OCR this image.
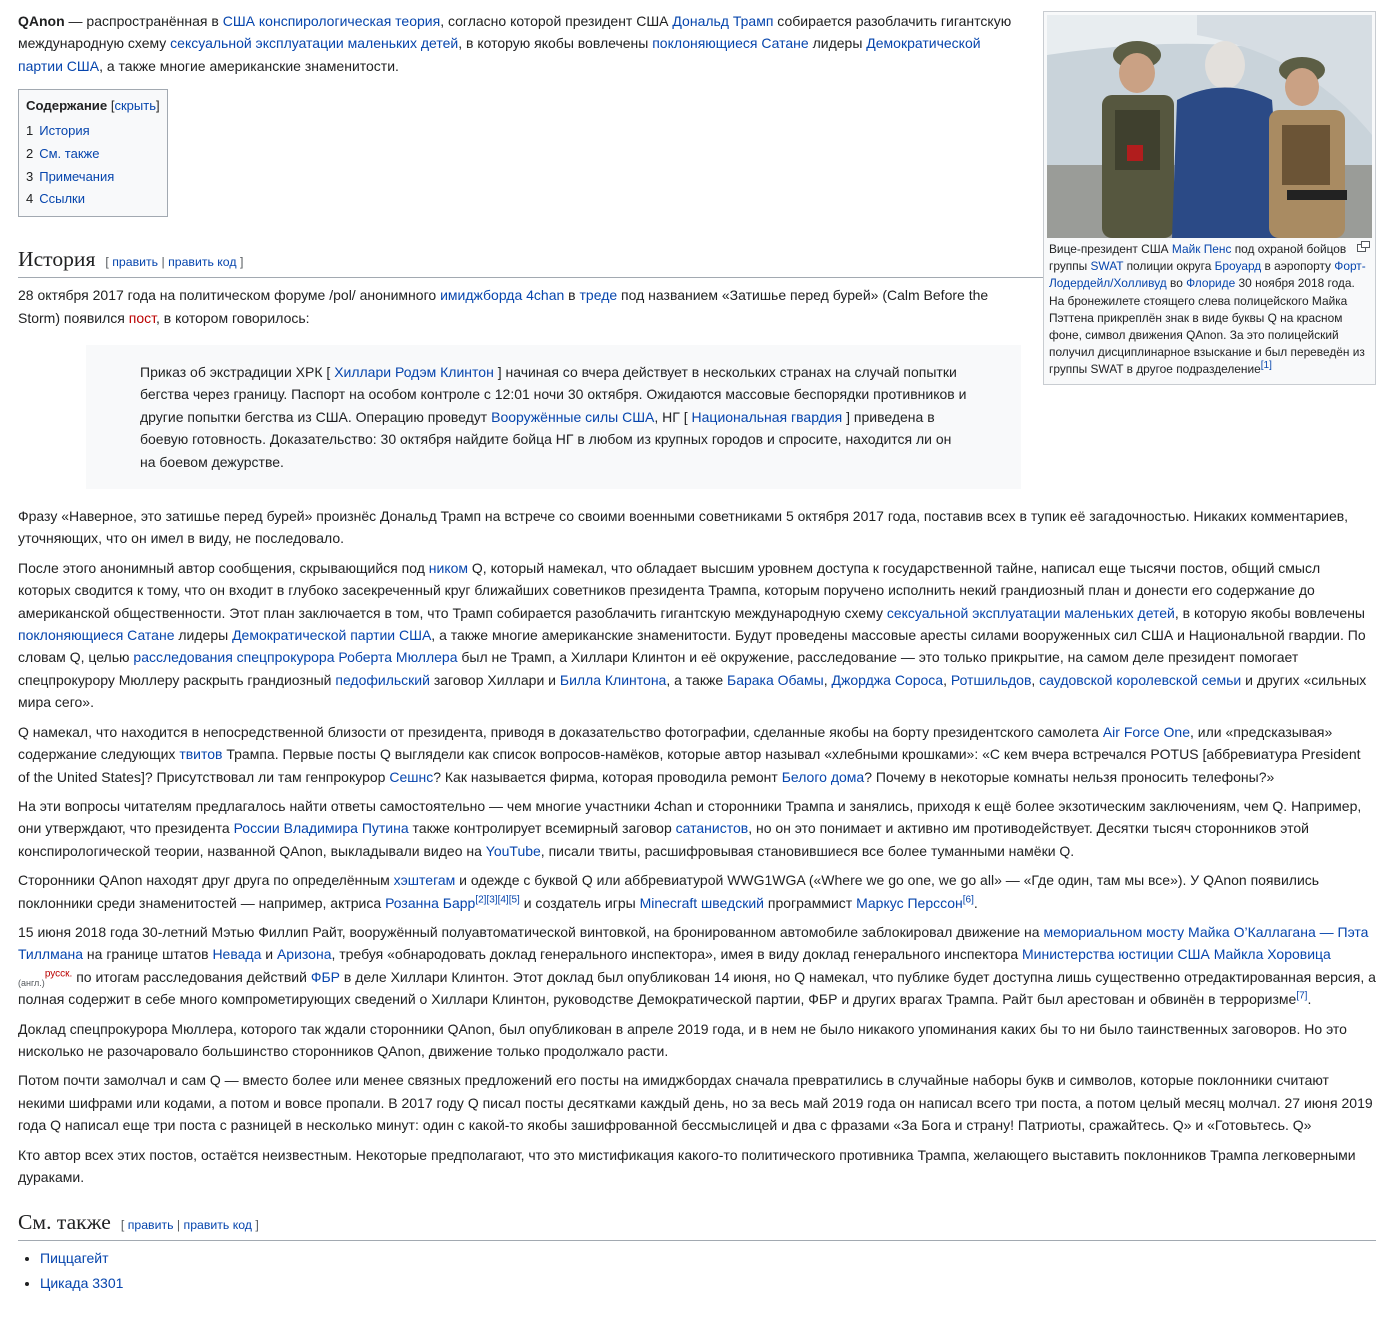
Вице-президент США Майк Пенс под охраной бойцов группы SWAT полиции округа Броуард в аэропорту Форт-Лодердейл/Холливуд во Флориде 30 ноября 2018 года. На бронежилете стоящего слева полицейского Майка Пэттена прикреплён знак в виде буквы Q на красном фоне, символ движения QAnon. За это полицейский получил дисциплинарное взыскание и был переведён из группы SWAT в другое подразделение[1]

QAnon — распространённая в США конспирологическая теория, согласно которой президент США Дональд Трамп собирается разоблачить гигантскую международную схему сексуальной эксплуатации маленьких детей, в которую якобы вовлечены поклоняющиеся Сатане лидеры Демократической партии США, а также многие американские знаменитости.

Содержание [скрыть]
1 История
2 См. также
3 Примечания
4 Ссылки
История [ править | править код ]

28 октября 2017 года на политическом форуме /pol/ анонимного имиджборда 4chan в треде под названием «Затишье перед бурей» (Calm Before the Storm) появился пост, в котором говорилось:

Приказ об экстрадиции ХРК [ Хиллари Родэм Клинтон ] начиная со вчера действует в нескольких странах на случай попытки бегства через границу. Паспорт на особом контроле с 12:01 ночи 30 октября. Ожидаются массовые беспорядки противников и другие попытки бегства из США. Операцию проведут Вооружённые силы США, НГ [ Национальная гвардия ] приведена в боевую готовность. Доказательство: 30 октября найдите бойца НГ в любом из крупных городов и спросите, находится ли он на боевом дежурстве.

Фразу «Наверное, это затишье перед бурей» произнёс Дональд Трамп на встрече со своими военными советниками 5 октября 2017 года, поставив всех в тупик её загадочностью. Никаких комментариев, уточняющих, что он имел в виду, не последовало.

После этого анонимный автор сообщения, скрывающийся под ником Q, который намекал, что обладает высшим уровнем доступа к государственной тайне, написал еще тысячи постов, общий смысл которых сводится к тому, что он входит в глубоко засекреченный круг ближайших советников президента Трампа, которым поручено исполнить некий грандиозный план и донести его содержание до американской общественности. Этот план заключается в том, что Трамп собирается разоблачить гигантскую международную схему сексуальной эксплуатации маленьких детей, в которую якобы вовлечены поклоняющиеся Сатане лидеры Демократической партии США, а также многие американские знаменитости. Будут проведены массовые аресты силами вооруженных сил США и Национальной гвардии. По словам Q, целью расследования спецпрокурора Роберта Мюллера был не Трамп, а Хиллари Клинтон и её окружение, расследование — это только прикрытие, на самом деле президент помогает спецпрокурору Мюллеру раскрыть грандиозный педофильский заговор Хиллари и Билла Клинтона, а также Барака Обамы, Джорджа Сороса, Ротшильдов, саудовской королевской семьи и других «сильных мира сего».

Q намекал, что находится в непосредственной близости от президента, приводя в доказательство фотографии, сделанные якобы на борту президентского самолета Air Force One, или «предсказывая» содержание следующих твитов Трампа. Первые посты Q выглядели как список вопросов-намёков, которые автор называл «хлебными крошками»: «С кем вчера встречался POTUS [аббревиатура President of the United States]? Присутствовал ли там генпрокурор Сешнс? Как называется фирма, которая проводила ремонт Белого дома? Почему в некоторые комнаты нельзя проносить телефоны?»

На эти вопросы читателям предлагалось найти ответы самостоятельно — чем многие участники 4chan и сторонники Трампа и занялись, приходя к ещё более экзотическим заключениям, чем Q. Например, они утверждают, что президента России Владимира Путина также контролирует всемирный заговор сатанистов, но он это понимает и активно им противодействует. Десятки тысяч сторонников этой конспирологической теории, названной QAnon, выкладывали видео на YouTube, писали твиты, расшифровывая становившиеся все более туманными намёки Q.

Сторонники QAnon находят друг друга по определённым хэштегам и одежде с буквой Q или аббревиатурой WWG1WGA («Where we go one, we go all» — «Где один, там мы все»). У QAnon появились поклонники среди знаменитостей — например, актриса Розанна Барр[2][3][4][5] и создатель игры Minecraft шведский программист Маркус Перссон[6].

15 июня 2018 года 30-летний Мэтью Филлип Райт, вооружённый полуавтоматической винтовкой, на бронированном автомобиле заблокировал движение на мемориальном мосту Майка О’Каллагана — Пэта Тиллмана на границе штатов Невада и Аризона, требуя «обнародовать доклад генерального инспектора», имея в виду доклад генерального инспектора Министерства юстиции США Майкла Хоровица $_{(англ.)}^{русск.}$ по итогам расследования действий ФБР в деле Хиллари Клинтон. Этот доклад был опубликован 14 июня, но Q намекал, что публике будет доступна лишь существенно отредактированная версия, а полная содержит в себе много компрометирующих сведений о Хиллари Клинтон, руководстве Демократической партии, ФБР и других врагах Трампа. Райт был арестован и обвинён в терроризме[7].

Доклад спецпрокурора Мюллера, которого так ждали сторонники QAnon, был опубликован в апреле 2019 года, и в нем не было никакого упоминания каких бы то ни было таинственных заговоров. Но это нисколько не разочаровало большинство сторонников QAnon, движение только продолжало расти.

Потом почти замолчал и сам Q — вместо более или менее связных предложений его посты на имиджбордах сначала превратились в случайные наборы букв и символов, которые поклонники считают некими шифрами или кодами, а потом и вовсе пропали. В 2017 году Q писал посты десятками каждый день, но за весь май 2019 года он написал всего три поста, а потом целый месяц молчал. 27 июня 2019 года Q написал еще три поста с разницей в несколько минут: один с какой-то якобы зашифрованной бессмыслицей и два с фразами «За Бога и страну! Патриоты, сражайтесь. Q» и «Готовьтесь. Q»

Кто автор всех этих постов, остаётся неизвестным. Некоторые предполагают, что это мистификация какого-то политического противника Трампа, желающего выставить поклонников Трампа легковерными дураками.

См. также [ править | править код ]
• Пиццагейт
• Цикада 3301
